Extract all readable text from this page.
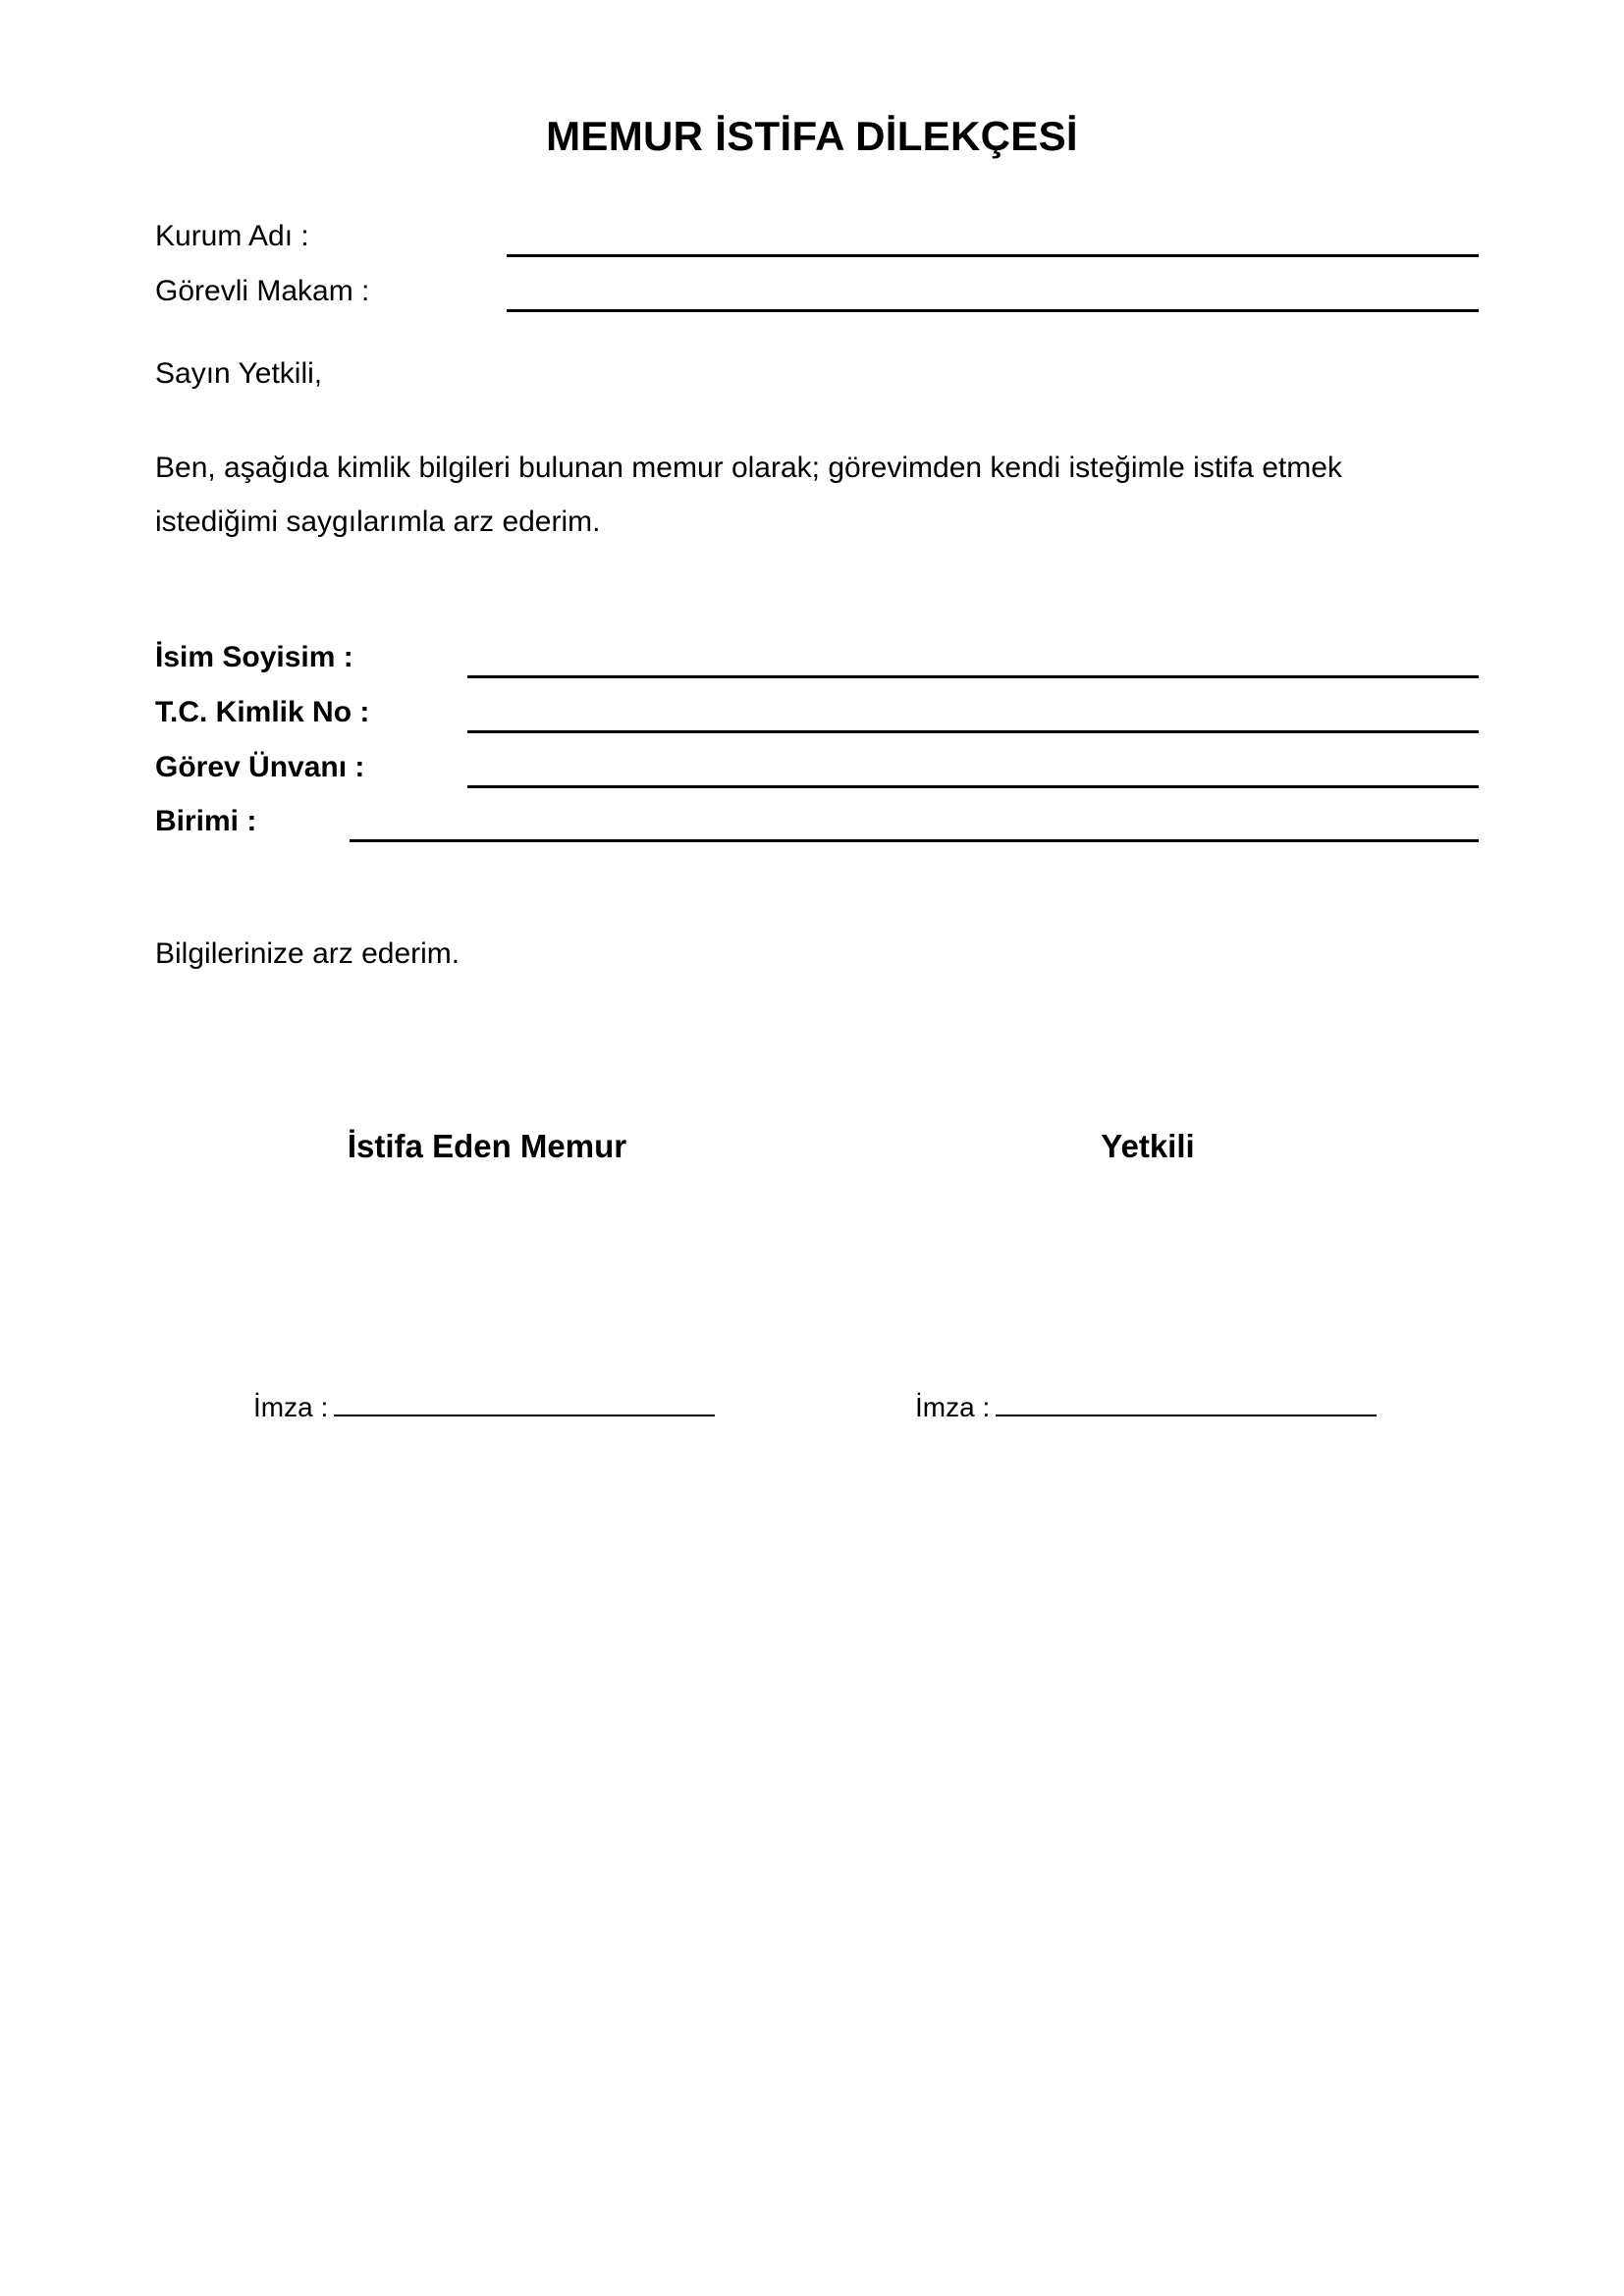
MEMUR İSTİFA DİLEKÇESİ
Kurum Adı :
Görevli Makam :
Sayın Yetkili,
Ben, aşağıda kimlik bilgileri bulunan memur olarak; görevimden kendi isteğimle istifa etmek
istediğimi saygılarımla arz ederim.
İsim Soyisim :
T.C. Kimlik No :
Görev Ünvanı :
Birimi :
Bilgilerinize arz ederim.
İstifa Eden Memur	Yetkili
İmza :	İmza :
